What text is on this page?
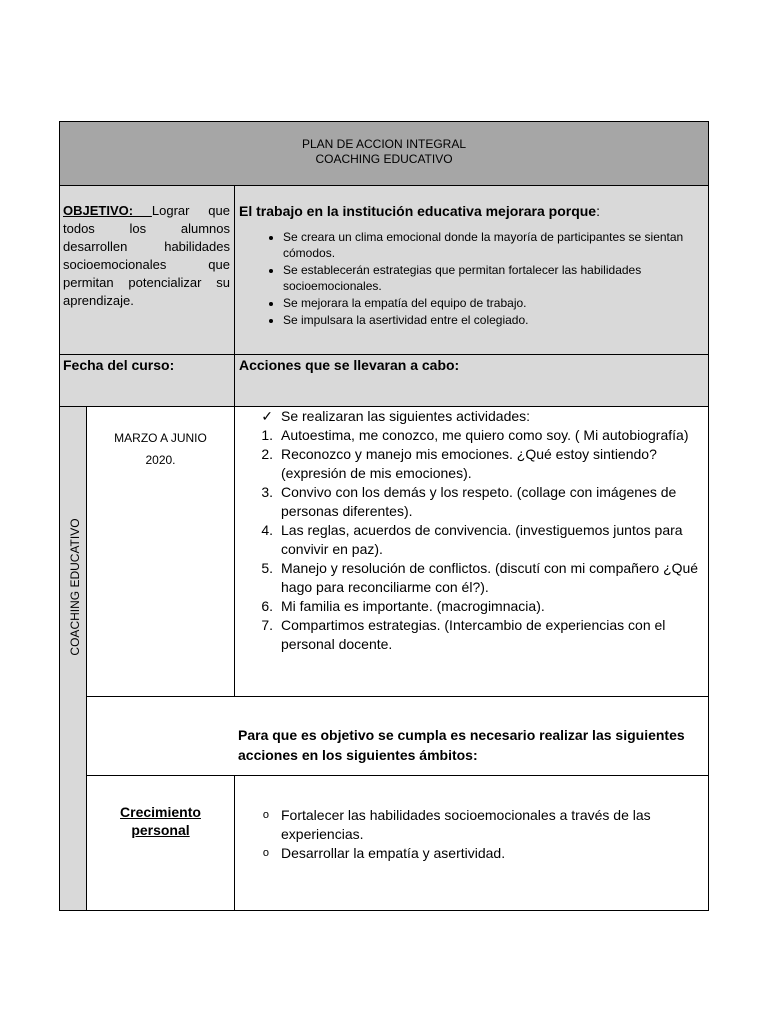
PLAN DE ACCION INTEGRAL
COACHING EDUCATIVO
OBJETIVO: Lograr que todos los alumnos desarrollen habilidades socioemocionales que permitan potencializar su aprendizaje.
El trabajo en la institución educativa mejorara porque:
• Se creara un clima emocional donde la mayoría de participantes se sientan cómodos.
• Se establecerán estrategias que permitan fortalecer las habilidades socioemocionales.
• Se mejorara la empatía del equipo de trabajo.
• Se impulsara la asertividad entre el colegiado.
Fecha del curso:	Acciones que se llevaran a cabo:
COACHING EDUCATIVO
MARZO A JUNIO
2020.
✓ Se realizaran las siguientes actividades:
1. Autoestima, me conozco, me quiero como soy. ( Mi autobiografía)
2. Reconozco y manejo mis emociones. ¿Qué estoy sintiendo? (expresión de mis emociones).
3. Convivo con los demás y los respeto. (collage con imágenes de personas diferentes).
4. Las reglas, acuerdos de convivencia. (investiguemos juntos para convivir en paz).
5. Manejo y resolución de conflictos. (discutí con mi compañero ¿Qué hago para reconciliarme con él?).
6. Mi familia es importante. (macrogimnacia).
7. Compartimos estrategias. (Intercambio de experiencias con el personal docente.
Para que es objetivo se cumpla es necesario realizar las siguientes acciones en los siguientes ámbitos:
Crecimiento
personal
o Fortalecer las habilidades socioemocionales a través de las experiencias.
o Desarrollar la empatía y asertividad.
